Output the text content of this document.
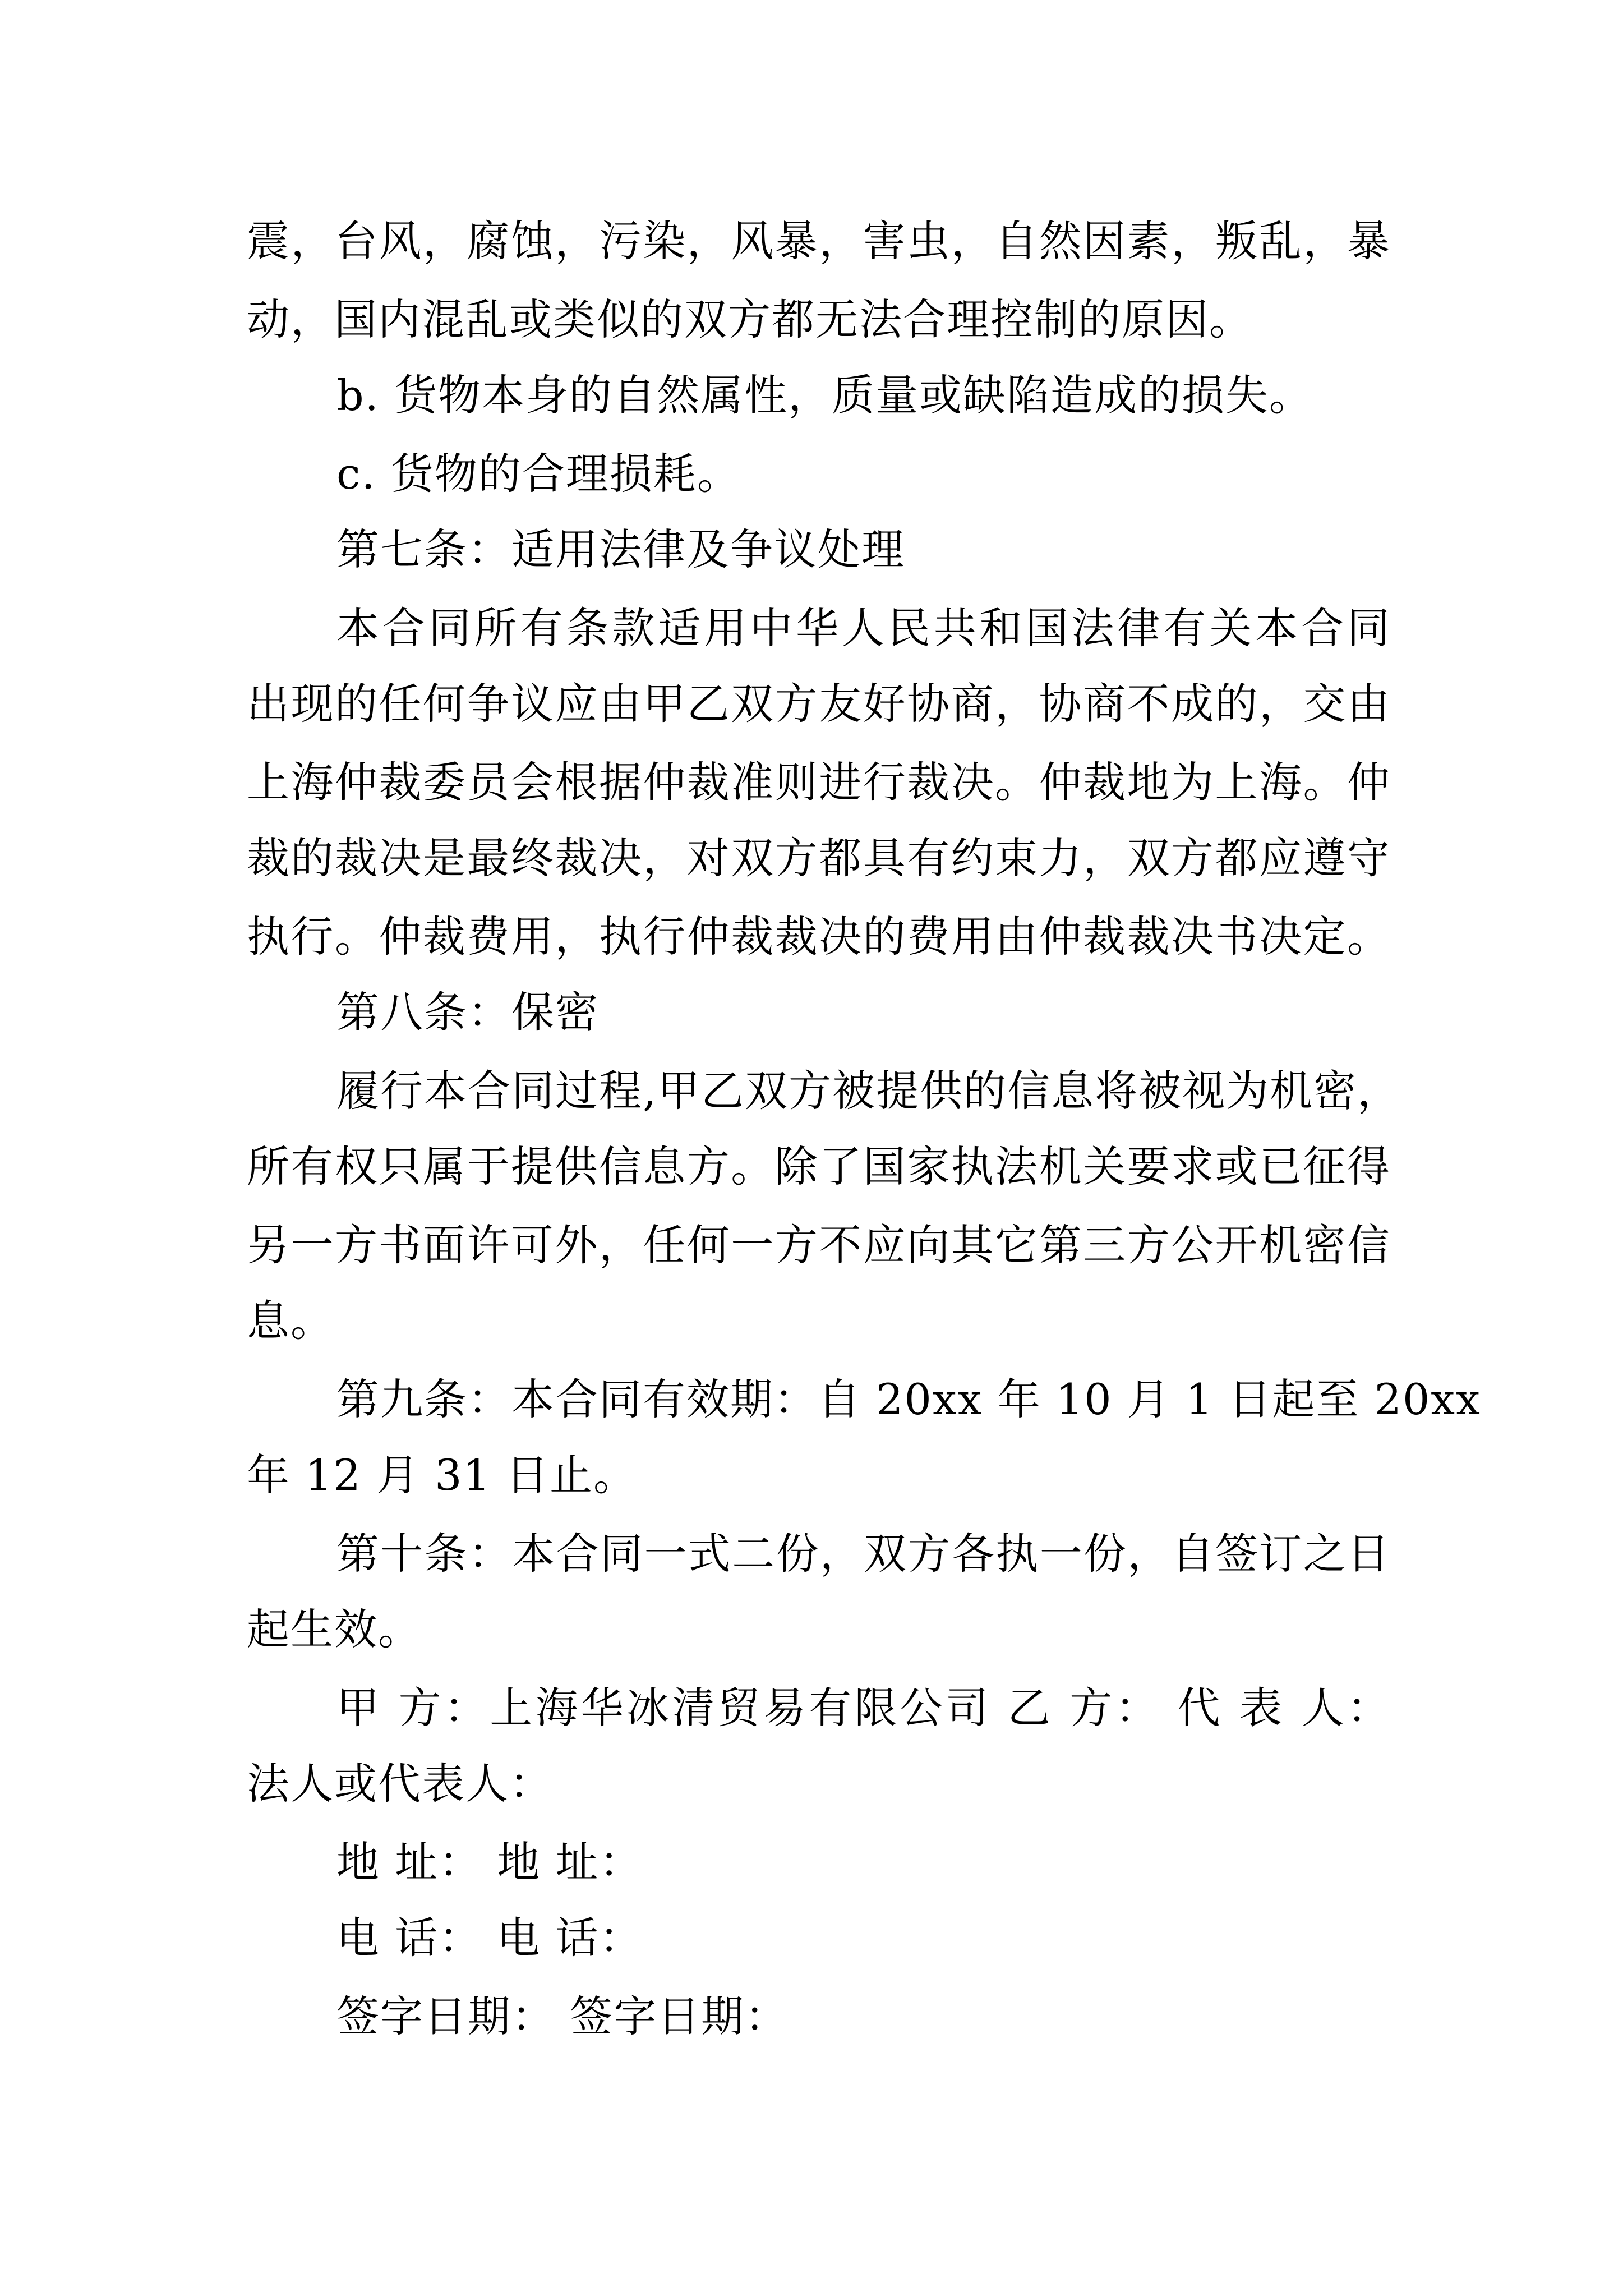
震，台风，腐蚀，污染，风暴，害虫，自然因素，叛乱，暴
动，国内混乱或类似的双方都无法合理控制的原因。
b. 货物本身的自然属性，质量或缺陷造成的损失。
c. 货物的合理损耗。
第七条：适用法律及争议处理
本合同所有条款适用中华人民共和国法律有关本合同
出现的任何争议应由甲乙双方友好协商，协商不成的，交由
上海仲裁委员会根据仲裁准则进行裁决。仲裁地为上海。仲
裁的裁决是最终裁决，对双方都具有约束力，双方都应遵守
执行。仲裁费用，执行仲裁裁决的费用由仲裁裁决书决定。
第八条：保密
履行本合同过程,甲乙双方被提供的信息将被视为机密，
所有权只属于提供信息方。除了国家执法机关要求或已征得
另一方书面许可外，任何一方不应向其它第三方公开机密信
息。
第九条：本合同有效期：自 20xx 年 10 月 1 日起至 20xx
年 12 月 31 日止。
第十条：本合同一式二份，双方各执一份，自签订之日
起生效。
甲 方：上海华冰清贸易有限公司 乙 方： 代 表 人：
法人或代表人：
地 址： 地 址：
电 话： 电 话：
签字日期： 签字日期：
